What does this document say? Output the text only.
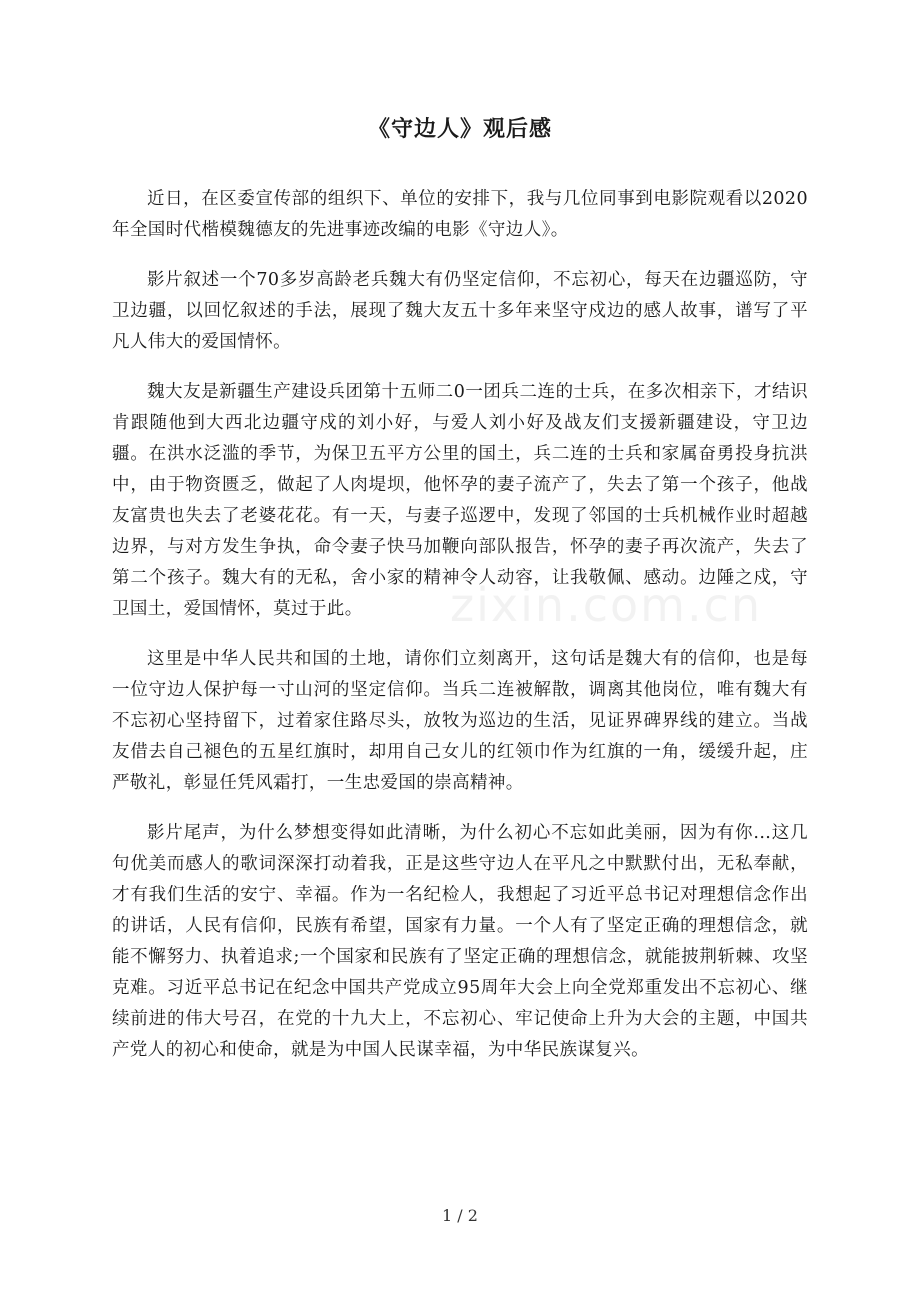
《守边人》观后感

近日，在区委宣传部的组织下、单位的安排下，我与几位同事到电影院观看以2020年全国时代楷模魏德友的先进事迹改编的电影《守边人》。

影片叙述一个70多岁高龄老兵魏大有仍坚定信仰，不忘初心，每天在边疆巡防，守卫边疆，以回忆叙述的手法，展现了魏大友五十多年来坚守戍边的感人故事，谱写了平凡人伟大的爱国情怀。

魏大友是新疆生产建设兵团第十五师二0一团兵二连的士兵，在多次相亲下，才结识肯跟随他到大西北边疆守戍的刘小好，与爱人刘小好及战友们支援新疆建设，守卫边疆。在洪水泛滥的季节，为保卫五平方公里的国土，兵二连的士兵和家属奋勇投身抗洪中，由于物资匮乏，做起了人肉堤坝，他怀孕的妻子流产了，失去了第一个孩子，他战友富贵也失去了老婆花花。有一天，与妻子巡逻中，发现了邻国的士兵机械作业时超越边界，与对方发生争执，命令妻子快马加鞭向部队报告，怀孕的妻子再次流产，失去了第二个孩子。魏大有的无私，舍小家的精神令人动容，让我敬佩、感动。边陲之戍，守卫国土，爱国情怀，莫过于此。

这里是中华人民共和国的土地，请你们立刻离开，这句话是魏大有的信仰，也是每一位守边人保护每一寸山河的坚定信仰。当兵二连被解散，调离其他岗位，唯有魏大有不忘初心坚持留下，过着家住路尽头，放牧为巡边的生活，见证界碑界线的建立。当战友借去自己褪色的五星红旗时，却用自己女儿的红领巾作为红旗的一角，缓缓升起，庄严敬礼，彰显任凭风霜打，一生忠爱国的崇高精神。

影片尾声，为什么梦想变得如此清晰，为什么初心不忘如此美丽，因为有你...这几句优美而感人的歌词深深打动着我，正是这些守边人在平凡之中默默付出，无私奉献，才有我们生活的安宁、幸福。作为一名纪检人，我想起了习近平总书记对理想信念作出的讲话，人民有信仰，民族有希望，国家有力量。一个人有了坚定正确的理想信念，就能不懈努力、执着追求;一个国家和民族有了坚定正确的理想信念，就能披荆斩棘、攻坚克难。习近平总书记在纪念中国共产党成立95周年大会上向全党郑重发出不忘初心、继续前进的伟大号召，在党的十九大上，不忘初心、牢记使命上升为大会的主题，中国共产党人的初心和使命，就是为中国人民谋幸福，为中华民族谋复兴。

zixin.com.cn
1 / 2
